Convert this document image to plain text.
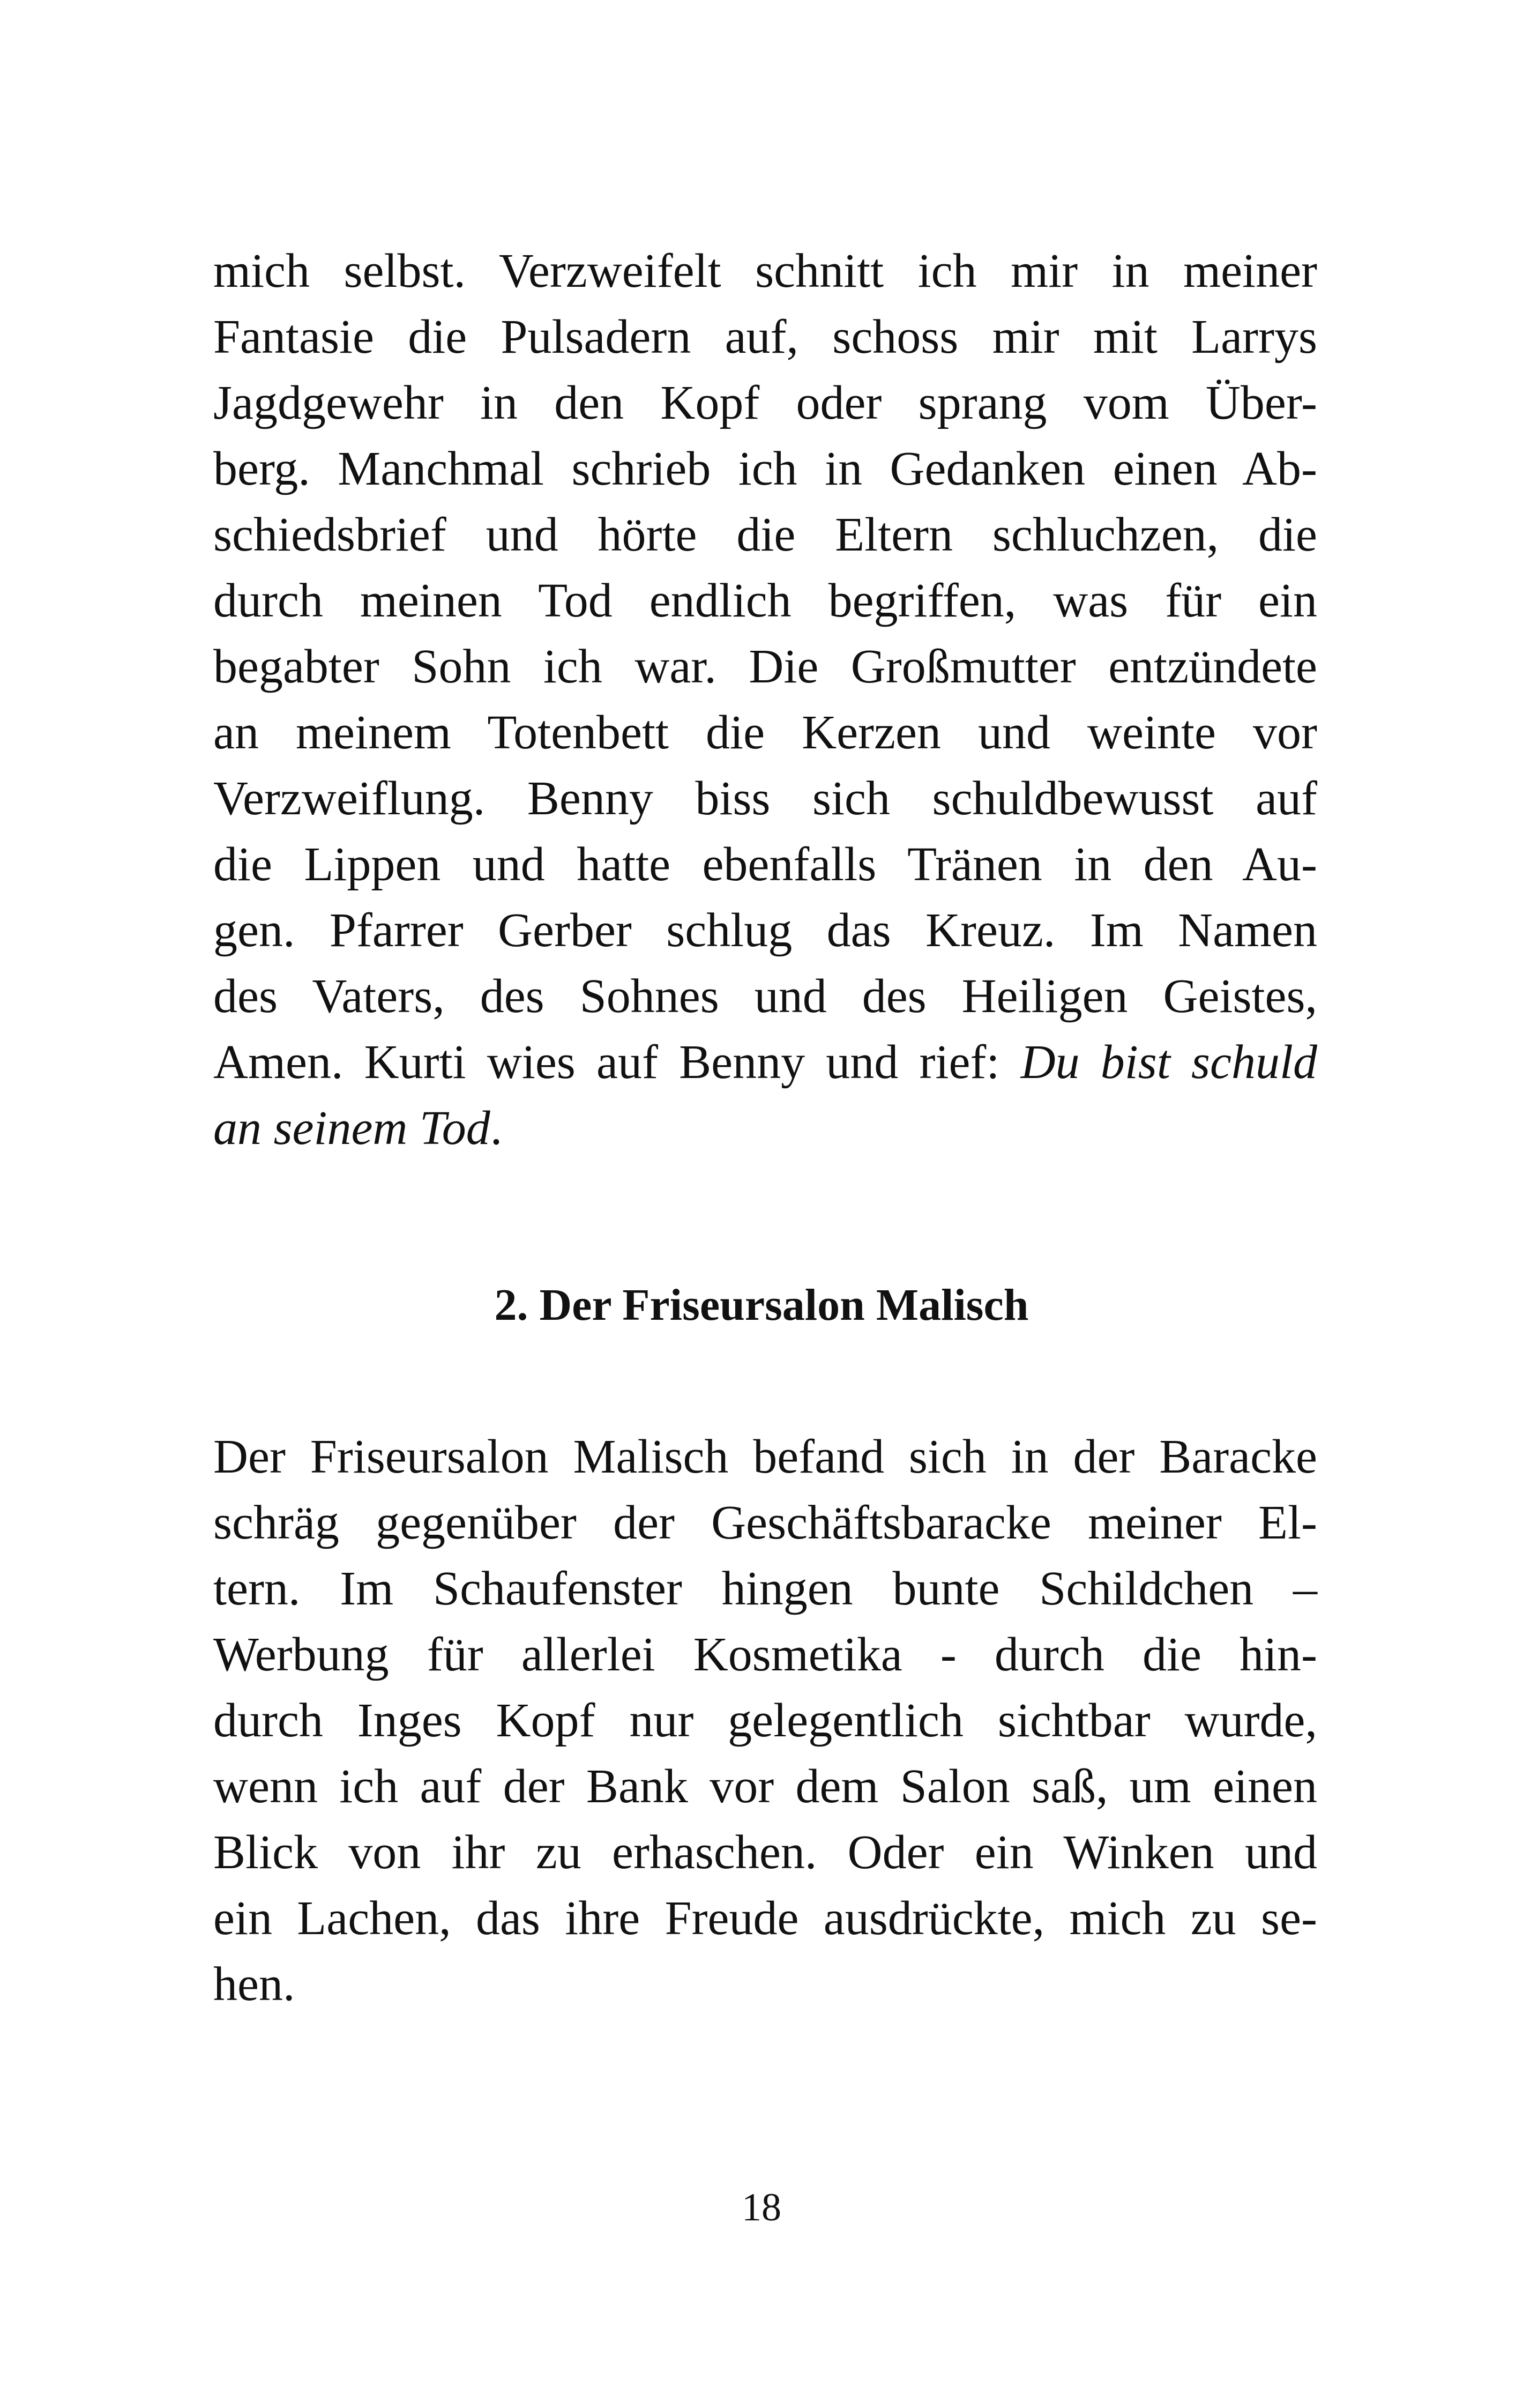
mich selbst. Verzweifelt schnitt ich mir in meiner
Fantasie die Pulsadern auf, schoss mir mit Larrys
Jagdgewehr in den Kopf oder sprang vom Über-
berg. Manchmal schrieb ich in Gedanken einen Ab-
schiedsbrief und hörte die Eltern schluchzen, die
durch meinen Tod endlich begriffen, was für ein
begabter Sohn ich war. Die Großmutter entzündete
an meinem Totenbett die Kerzen und weinte vor
Verzweiflung. Benny biss sich schuldbewusst auf
die Lippen und hatte ebenfalls Tränen in den Au-
gen. Pfarrer Gerber schlug das Kreuz. Im Namen
des Vaters, des Sohnes und des Heiligen Geistes,
Amen. Kurti wies auf Benny und rief: Du bist schuld
an seinem Tod.
2. Der Friseursalon Malisch
Der Friseursalon Malisch befand sich in der Baracke
schräg gegenüber der Geschäftsbaracke meiner El-
tern. Im Schaufenster hingen bunte Schildchen –
Werbung für allerlei Kosmetika - durch die hin-
durch Inges Kopf nur gelegentlich sichtbar wurde,
wenn ich auf der Bank vor dem Salon saß, um einen
Blick von ihr zu erhaschen. Oder ein Winken und
ein Lachen, das ihre Freude ausdrückte, mich zu se-
hen.
18
